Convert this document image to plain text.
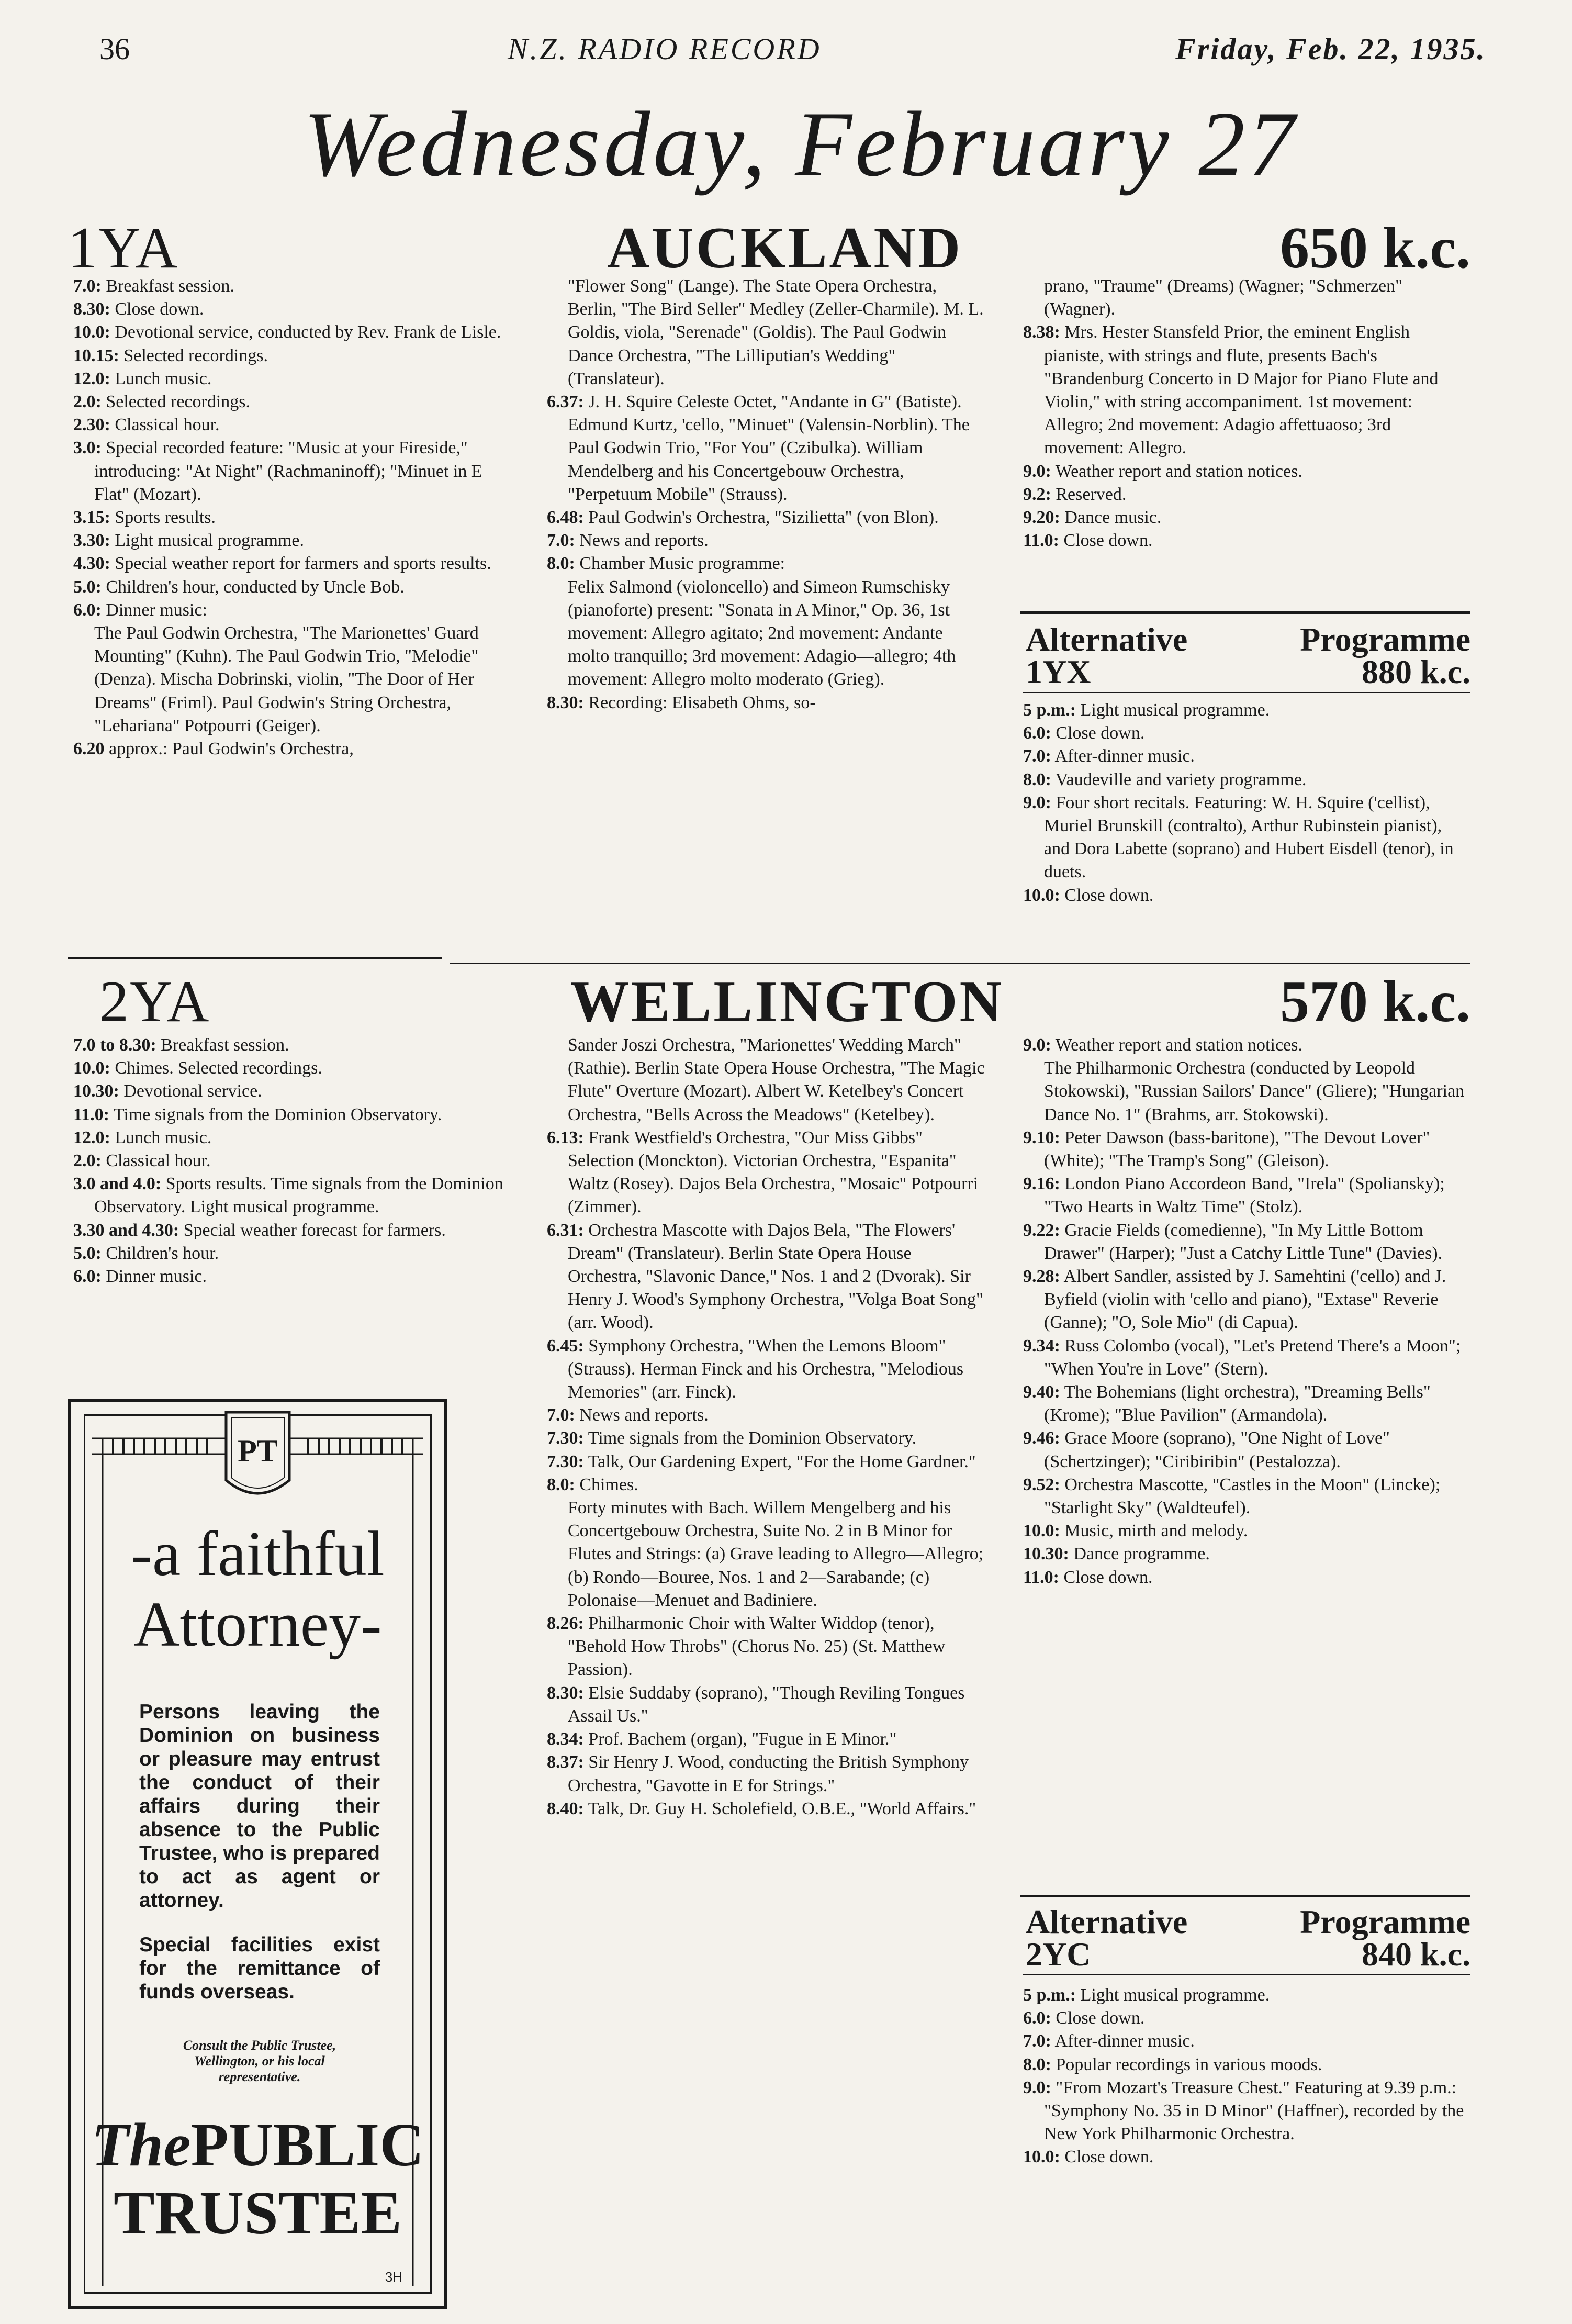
36	N.Z. RADIO RECORD	Friday, Feb. 22, 1935.
Wednesday, February 27
1YA	AUCKLAND	650 k.c.
7.0: Breakfast session.
8.30: Close down.
10.0: Devotional service, conducted by Rev. Frank de Lisle.
10.15: Selected recordings.
12.0: Lunch music.
2.0: Selected recordings.
2.30: Classical hour.
3.0: Special recorded feature: "Music at your Fireside," introducing: "At Night" (Rachmaninoff); "Minuet in E Flat" (Mozart).
3.15: Sports results.
3.30: Light musical programme.
4.30: Special weather report for farmers and sports results.
5.0: Children's hour, conducted by Uncle Bob.
6.0: Dinner music:
The Paul Godwin Orchestra, "The Marionettes' Guard Mounting" (Kuhn). The Paul Godwin Trio, "Melodie" (Denza). Mischa Dobrinski, violin, "The Door of Her Dreams" (Friml). Paul Godwin's String Orchestra, "Lehariana" Potpourri (Geiger).
6.20 approx.: Paul Godwin's Orchestra,
"Flower Song" (Lange). The State Opera Orchestra, Berlin, "The Bird Seller" Medley (Zeller-Charmile). M. L. Goldis, viola, "Serenade" (Goldis). The Paul Godwin Dance Orchestra, "The Lilliputian's Wedding" (Translateur).
6.37: J. H. Squire Celeste Octet, "Andante in G" (Batiste). Edmund Kurtz, 'cello, "Minuet" (Valensin-Norblin). The Paul Godwin Trio, "For You" (Czibulka). William Mendelberg and his Concertgebouw Orchestra, "Perpetuum Mobile" (Strauss).
6.48: Paul Godwin's Orchestra, "Sizilietta" (von Blon).
7.0: News and reports.
8.0: Chamber Music programme:
Felix Salmond (violoncello) and Simeon Rumschisky (pianoforte) present: "Sonata in A Minor," Op. 36, 1st movement: Allegro agitato; 2nd movement: Andante molto tranquillo; 3rd movement: Adagio—allegro; 4th movement: Allegro molto moderato (Grieg).
8.30: Recording: Elisabeth Ohms, so-
prano, "Traume" (Dreams) (Wagner; "Schmerzen" (Wagner).
8.38: Mrs. Hester Stansfeld Prior, the eminent English pianiste, with strings and flute, presents Bach's "Brandenburg Concerto in D Major for Piano Flute and Violin," with string accompaniment. 1st movement: Allegro; 2nd movement: Adagio affettuaoso; 3rd movement: Allegro.
9.0: Weather report and station notices.
9.2: Reserved.
9.20: Dance music.
11.0: Close down.
Alternative	Programme
1YX	880 k.c.
5 p.m.: Light musical programme.
6.0: Close down.
7.0: After-dinner music.
8.0: Vaudeville and variety programme.
9.0: Four short recitals. Featuring: W. H. Squire ('cellist), Muriel Brunskill (contralto), Arthur Rubinstein pianist), and Dora Labette (soprano) and Hubert Eisdell (tenor), in duets.
10.0: Close down.
2YA	WELLINGTON	570 k.c.
7.0 to 8.30: Breakfast session.
10.0: Chimes. Selected recordings.
10.30: Devotional service.
11.0: Time signals from the Dominion Observatory.
12.0: Lunch music.
2.0: Classical hour.
3.0 and 4.0: Sports results. Time signals from the Dominion Observatory. Light musical programme.
3.30 and 4.30: Special weather forecast for farmers.
5.0: Children's hour.
6.0: Dinner music.
Sander Joszi Orchestra, "Marionettes' Wedding March" (Rathie). Berlin State Opera House Orchestra, "The Magic Flute" Overture (Mozart). Albert W. Ketelbey's Concert Orchestra, "Bells Across the Meadows" (Ketelbey).
6.13: Frank Westfield's Orchestra, "Our Miss Gibbs" Selection (Monckton). Victorian Orchestra, "Espanita" Waltz (Rosey). Dajos Bela Orchestra, "Mosaic" Potpourri (Zimmer).
6.31: Orchestra Mascotte with Dajos Bela, "The Flowers' Dream" (Translateur). Berlin State Opera House Orchestra, "Slavonic Dance," Nos. 1 and 2 (Dvorak). Sir Henry J. Wood's Symphony Orchestra, "Volga Boat Song" (arr. Wood).
6.45: Symphony Orchestra, "When the Lemons Bloom" (Strauss). Herman Finck and his Orchestra, "Melodious Memories" (arr. Finck).
7.0: News and reports.
7.30: Time signals from the Dominion Observatory.
7.30: Talk, Our Gardening Expert, "For the Home Gardner."
8.0: Chimes.
Forty minutes with Bach. Willem Mengelberg and his Concertgebouw Orchestra, Suite No. 2 in B Minor for Flutes and Strings: (a) Grave leading to Allegro—Allegro; (b) Rondo—Bouree, Nos. 1 and 2—Sarabande; (c) Polonaise—Menuet and Badiniere.
8.26: Philharmonic Choir with Walter Widdop (tenor), "Behold How Throbs" (Chorus No. 25) (St. Matthew Passion).
8.30: Elsie Suddaby (soprano), "Though Reviling Tongues Assail Us."
8.34: Prof. Bachem (organ), "Fugue in E Minor."
8.37: Sir Henry J. Wood, conducting the British Symphony Orchestra, "Gavotte in E for Strings."
8.40: Talk, Dr. Guy H. Scholefield, O.B.E., "World Affairs."
9.0: Weather report and station notices.
The Philharmonic Orchestra (conducted by Leopold Stokowski), "Russian Sailors' Dance" (Gliere); "Hungarian Dance No. 1" (Brahms, arr. Stokowski).
9.10: Peter Dawson (bass-baritone), "The Devout Lover" (White); "The Tramp's Song" (Gleison).
9.16: London Piano Accordeon Band, "Irela" (Spoliansky); "Two Hearts in Waltz Time" (Stolz).
9.22: Gracie Fields (comedienne), "In My Little Bottom Drawer" (Harper); "Just a Catchy Little Tune" (Davies).
9.28: Albert Sandler, assisted by J. Samehtini ('cello) and J. Byfield (violin with 'cello and piano), "Extase" Reverie (Ganne); "O, Sole Mio" (di Capua).
9.34: Russ Colombo (vocal), "Let's Pretend There's a Moon"; "When You're in Love" (Stern).
9.40: The Bohemians (light orchestra), "Dreaming Bells" (Krome); "Blue Pavilion" (Armandola).
9.46: Grace Moore (soprano), "One Night of Love" (Schertzinger); "Ciribiribin" (Pestalozza).
9.52: Orchestra Mascotte, "Castles in the Moon" (Lincke); "Starlight Sky" (Waldteufel).
10.0: Music, mirth and melody.
10.30: Dance programme.
11.0: Close down.
Alternative	Programme
2YC	840 k.c.
5 p.m.: Light musical programme.
6.0: Close down.
7.0: After-dinner music.
8.0: Popular recordings in various moods.
9.0: "From Mozart's Treasure Chest." Featuring at 9.39 p.m.: "Symphony No. 35 in D Minor" (Haffner), recorded by the New York Philharmonic Orchestra.
10.0: Close down.
PT
-a faithful
Attorney-
Persons leaving the Dominion on business or pleasure may entrust the conduct of their affairs during their absence to the Public Trustee, who is prepared to act as agent or attorney.
Special facilities exist for the remittance of funds overseas.
Consult the Public Trustee, Wellington, or his local representative.
ThePUBLIC
TRUSTEE
3H
